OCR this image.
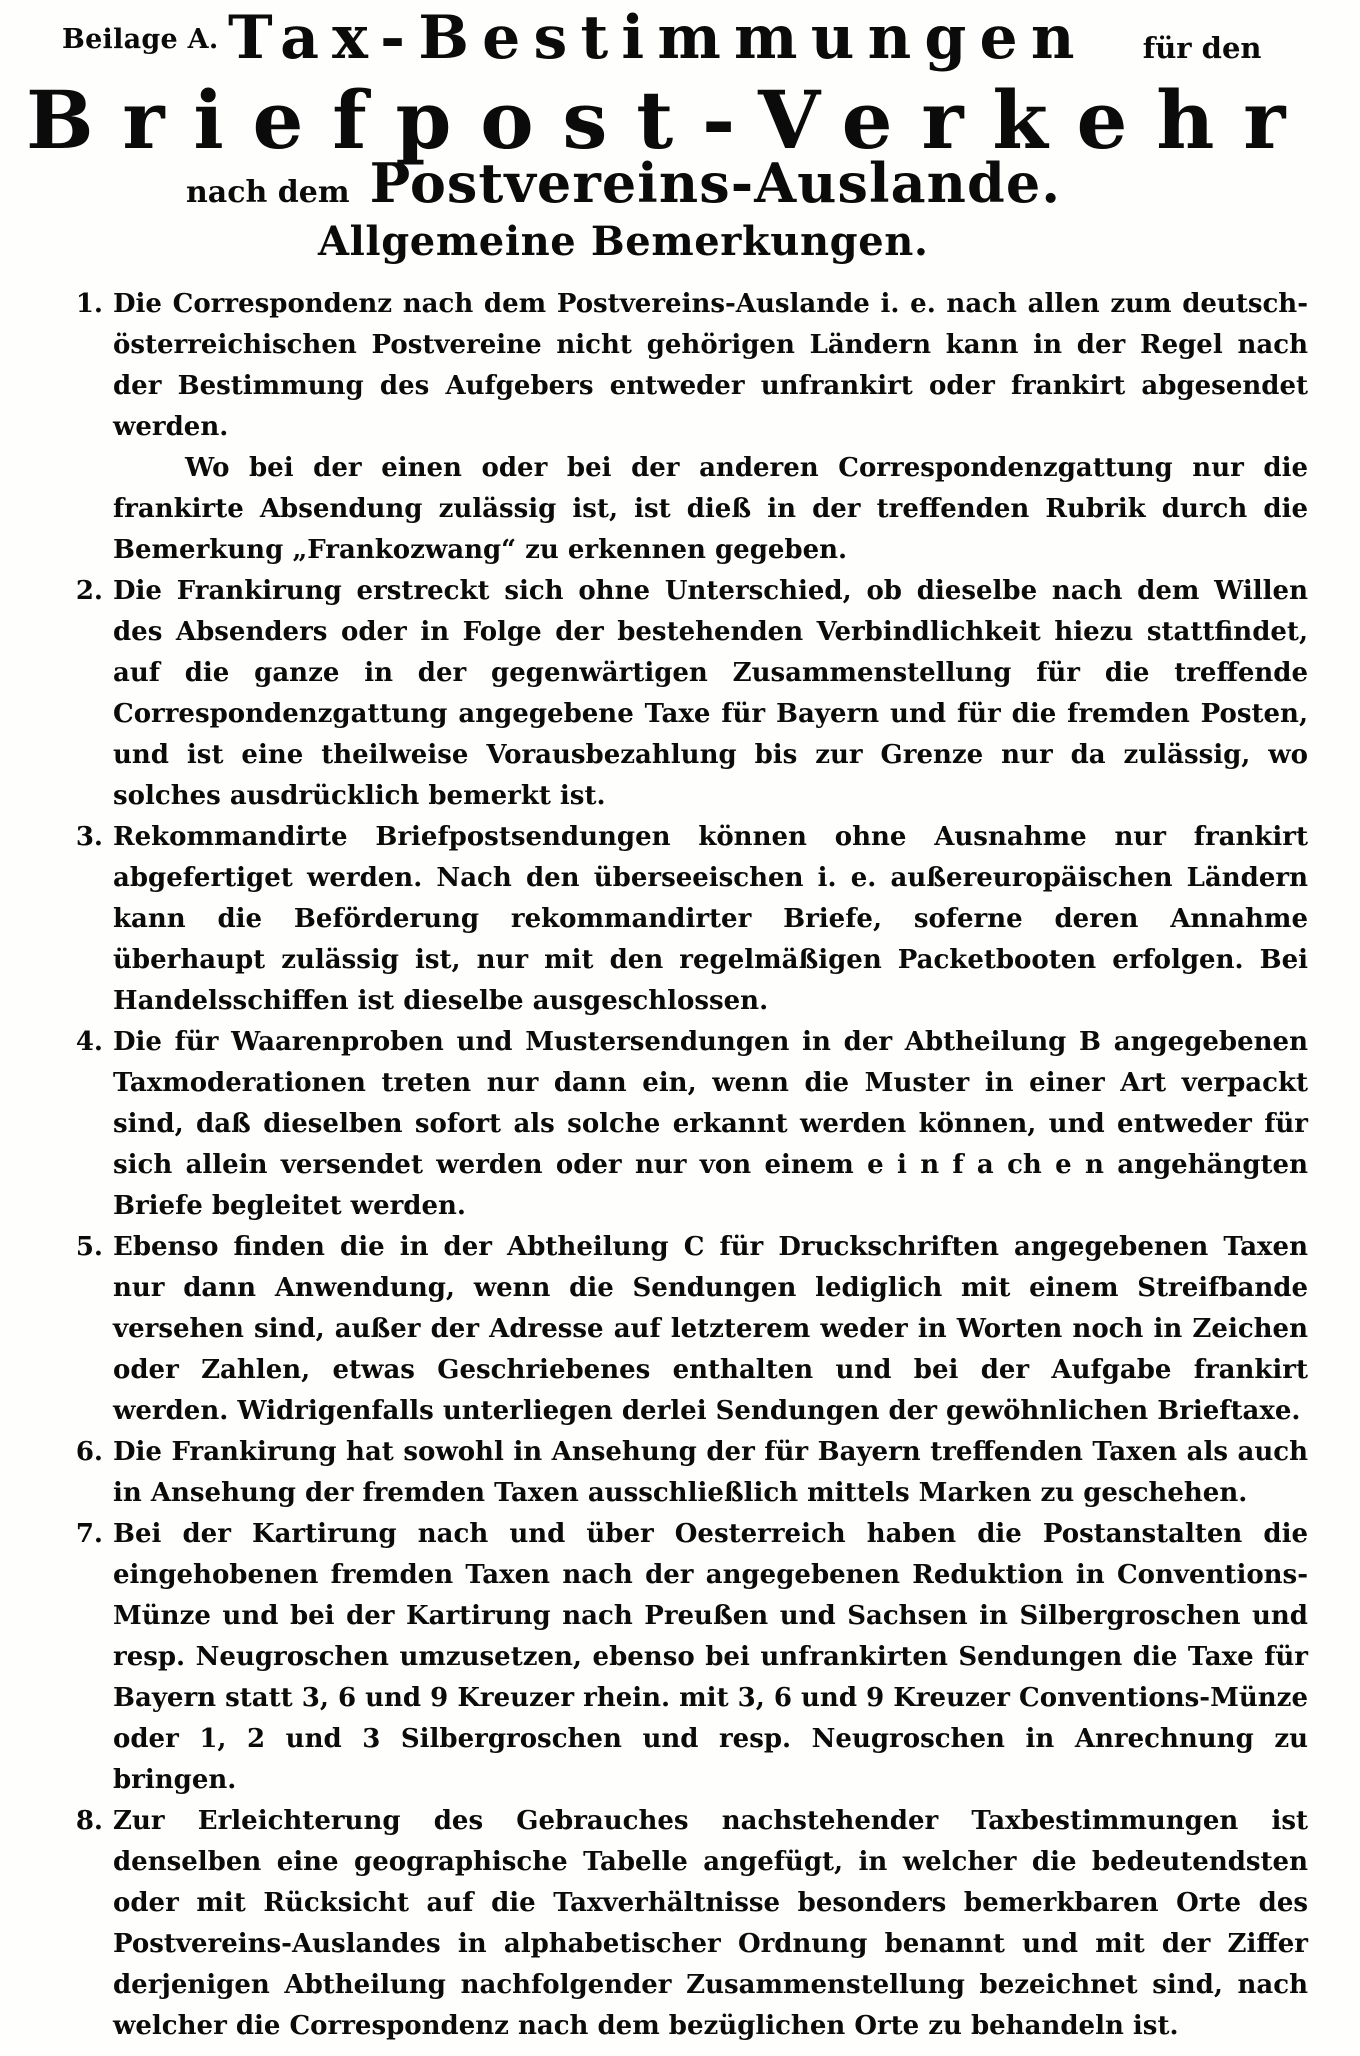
Beilage A. Tax-Bestimmungen für den
Briefpost-Verkehr
nach dem Postvereins-Auslande.
Allgemeine Bemerkungen.
1. Die Correspondenz nach dem Postvereins-Auslande i. e. nach allen zum deutsch-österreichischen Postvereine nicht gehörigen Ländern kann in der Regel nach der Bestimmung des Aufgebers entweder unfrankirt oder frankirt abgesendet werden.
Wo bei der einen oder bei der anderen Correspondenzgattung nur die frankirte Absendung zulässig ist, ist dieß in der treffenden Rubrik durch die Bemerkung „Frankozwang“ zu erkennen gegeben.
2. Die Frankirung erstreckt sich ohne Unterschied, ob dieselbe nach dem Willen des Absenders oder in Folge der bestehenden Verbindlichkeit hiezu stattfindet, auf die ganze in der gegenwärtigen Zusammenstellung für die treffende Correspondenzgattung angegebene Taxe für Bayern und für die fremden Posten, und ist eine theilweise Vorausbezahlung bis zur Grenze nur da zulässig, wo solches ausdrücklich bemerkt ist.
3. Rekommandirte Briefpostsendungen können ohne Ausnahme nur frankirt abgefertiget werden. Nach den überseeischen i. e. außereuropäischen Ländern kann die Beförderung rekommandirter Briefe, soferne deren Annahme überhaupt zulässig ist, nur mit den regelmäßigen Packetbooten erfolgen. Bei Handelsschiffen ist dieselbe ausgeschlossen.
4. Die für Waarenproben und Mustersendungen in der Abtheilung B angegebenen Taxmoderationen treten nur dann ein, wenn die Muster in einer Art verpackt sind, daß dieselben sofort als solche erkannt werden können, und entweder für sich allein versendet werden oder nur von einem e i n f a ch e n angehängten Briefe begleitet werden.
5. Ebenso finden die in der Abtheilung C für Druckschriften angegebenen Taxen nur dann Anwendung, wenn die Sendungen lediglich mit einem Streifbande versehen sind, außer der Adresse auf letzterem weder in Worten noch in Zeichen oder Zahlen, etwas Geschriebenes enthalten und bei der Aufgabe frankirt werden. Widrigenfalls unterliegen derlei Sendungen der gewöhnlichen Brieftaxe.
6. Die Frankirung hat sowohl in Ansehung der für Bayern treffenden Taxen als auch in Ansehung der fremden Taxen ausschließlich mittels Marken zu geschehen.
7. Bei der Kartirung nach und über Oesterreich haben die Postanstalten die eingehobenen fremden Taxen nach der angegebenen Reduktion in Conventions-Münze und bei der Kartirung nach Preußen und Sachsen in Silbergroschen und resp. Neugroschen umzusetzen, ebenso bei unfrankirten Sendungen die Taxe für Bayern statt 3, 6 und 9 Kreuzer rhein. mit 3, 6 und 9 Kreuzer Conventions-Münze oder 1, 2 und 3 Silbergroschen und resp. Neugroschen in Anrechnung zu bringen.
8. Zur Erleichterung des Gebrauches nachstehender Taxbestimmungen ist denselben eine geographische Tabelle angefügt, in welcher die bedeutendsten oder mit Rücksicht auf die Taxverhältnisse besonders bemerkbaren Orte des Postvereins-Auslandes in alphabetischer Ordnung benannt und mit der Ziffer derjenigen Abtheilung nachfolgender Zusammenstellung bezeichnet sind, nach welcher die Correspondenz nach dem bezüglichen Orte zu behandeln ist.
